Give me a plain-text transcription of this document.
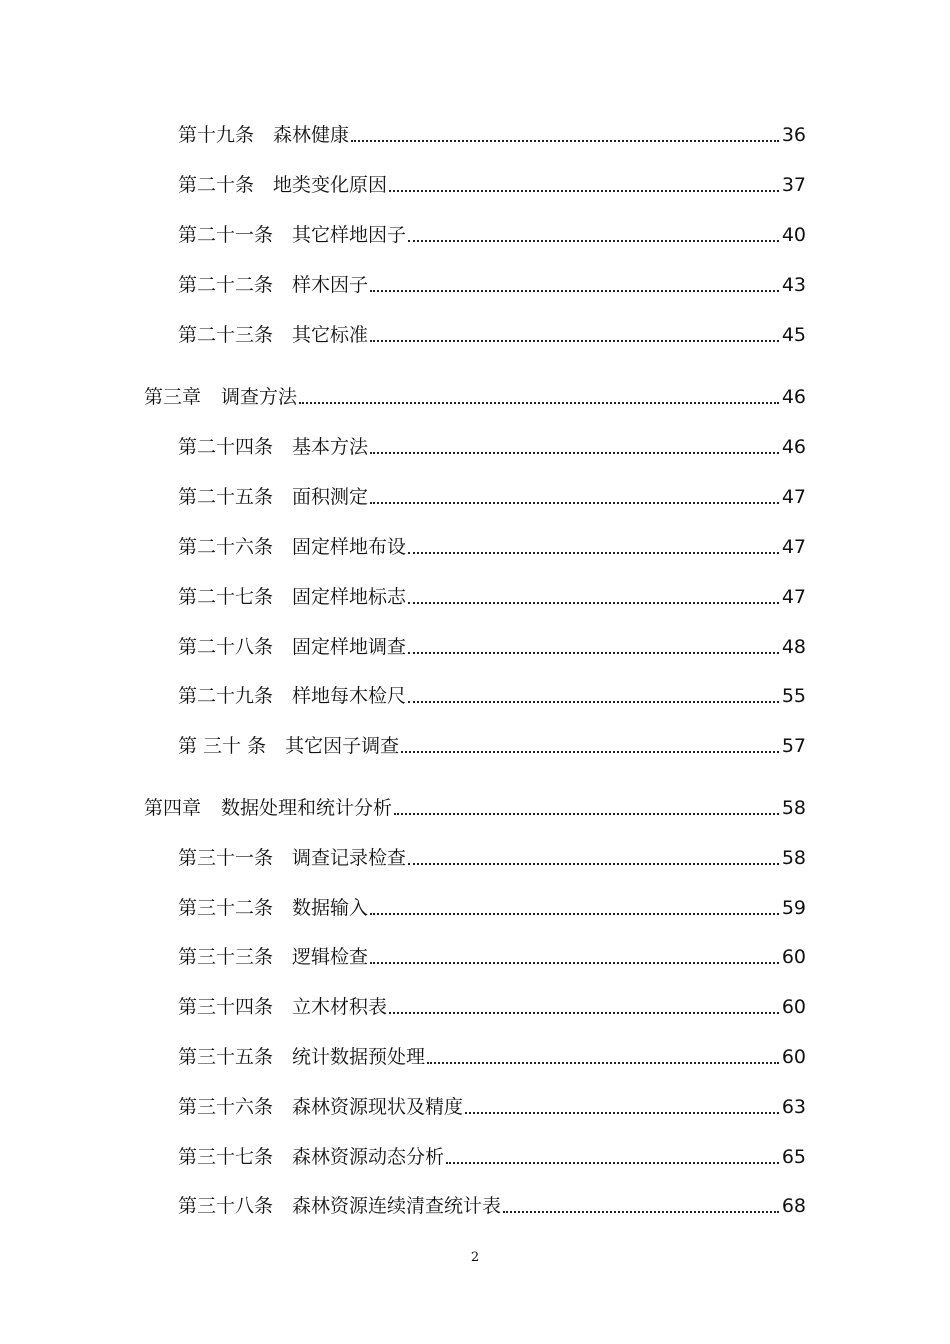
第十九条 森林健康	36
第二十条 地类变化原因	37
第二十一条 其它样地因子	40
第二十二条 样木因子	43
第二十三条 其它标准	45
第三章 调查方法	46
第二十四条 基本方法	46
第二十五条 面积测定	47
第二十六条 固定样地布设	47
第二十七条 固定样地标志	47
第二十八条 固定样地调查	48
第二十九条 样地每木检尺	55
第 三十 条 其它因子调查	57
第四章 数据处理和统计分析	58
第三十一条 调查记录检查	58
第三十二条 数据输入	59
第三十三条 逻辑检查	60
第三十四条 立木材积表	60
第三十五条 统计数据预处理	60
第三十六条 森林资源现状及精度	63
第三十七条 森林资源动态分析	65
第三十八条 森林资源连续清查统计表	68
2
